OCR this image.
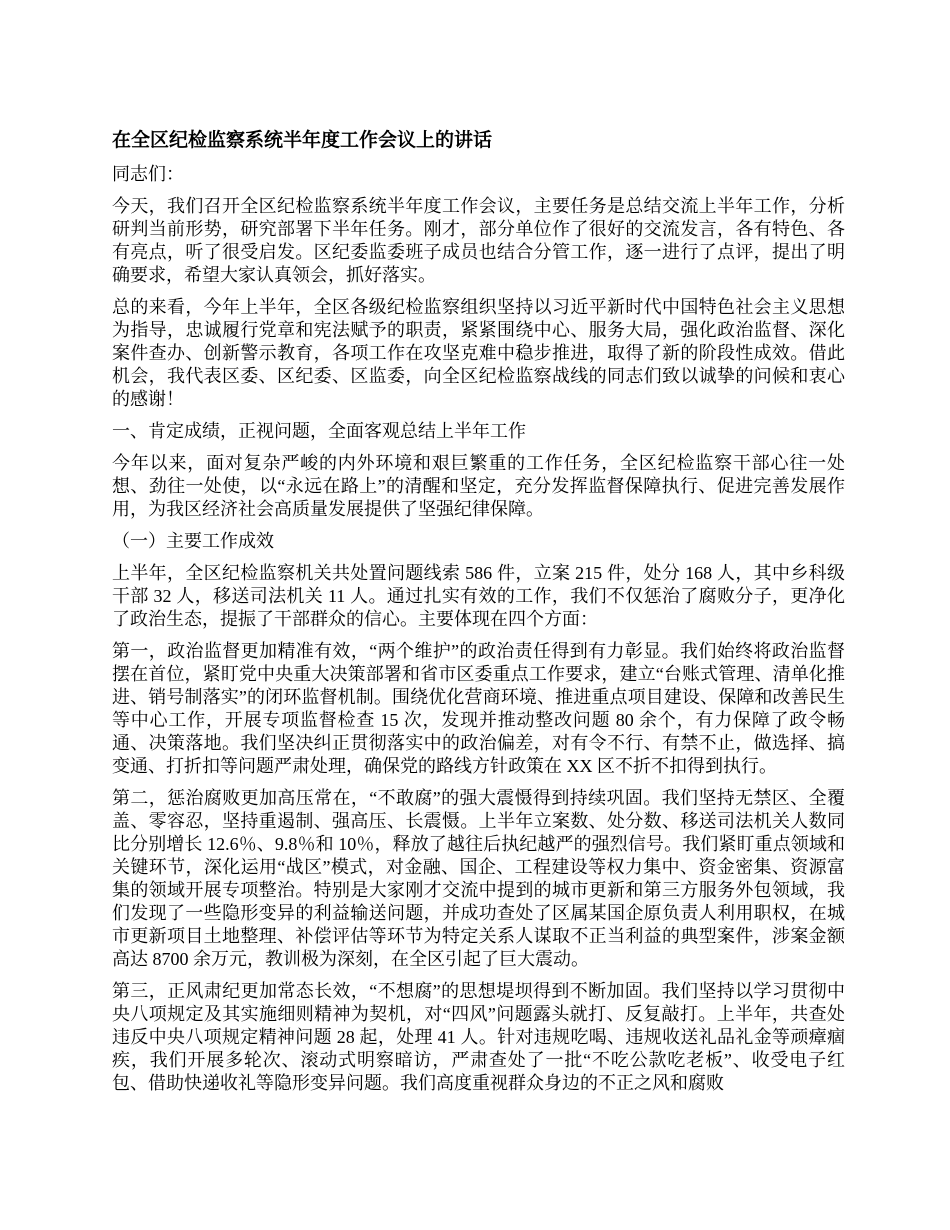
在全区纪检监察系统半年度工作会议上的讲话

同志们：

今天，我们召开全区纪检监察系统半年度工作会议，主要任务是总结交流上半年工作，分析研判当前形势，研究部署下半年任务。刚才，部分单位作了很好的交流发言，各有特色、各有亮点，听了很受启发。区纪委监委班子成员也结合分管工作，逐一进行了点评，提出了明确要求，希望大家认真领会，抓好落实。

总的来看，今年上半年，全区各级纪检监察组织坚持以习近平新时代中国特色社会主义思想为指导，忠诚履行党章和宪法赋予的职责，紧紧围绕中心、服务大局，强化政治监督、深化案件查办、创新警示教育，各项工作在攻坚克难中稳步推进，取得了新的阶段性成效。借此机会，我代表区委、区纪委、区监委，向全区纪检监察战线的同志们致以诚挚的问候和衷心的感谢！

一、肯定成绩，正视问题，全面客观总结上半年工作

今年以来，面对复杂严峻的内外环境和艰巨繁重的工作任务，全区纪检监察干部心往一处想、劲往一处使，以“永远在路上”的清醒和坚定，充分发挥监督保障执行、促进完善发展作用，为我区经济社会高质量发展提供了坚强纪律保障。

（一）主要工作成效

上半年，全区纪检监察机关共处置问题线索 586 件，立案 215 件，处分 168 人，其中乡科级干部 32 人，移送司法机关 11 人。通过扎实有效的工作，我们不仅惩治了腐败分子，更净化了政治生态，提振了干部群众的信心。主要体现在四个方面：

第一，政治监督更加精准有效，“两个维护”的政治责任得到有力彰显。我们始终将政治监督摆在首位，紧盯党中央重大决策部署和省市区委重点工作要求，建立“台账式管理、清单化推进、销号制落实”的闭环监督机制。围绕优化营商环境、推进重点项目建设、保障和改善民生等中心工作，开展专项监督检查 15 次，发现并推动整改问题 80 余个，有力保障了政令畅通、决策落地。我们坚决纠正贯彻落实中的政治偏差，对有令不行、有禁不止，做选择、搞变通、打折扣等问题严肃处理，确保党的路线方针政策在 XX 区不折不扣得到执行。

第二，惩治腐败更加高压常在，“不敢腐”的强大震慑得到持续巩固。我们坚持无禁区、全覆盖、零容忍，坚持重遏制、强高压、长震慑。上半年立案数、处分数、移送司法机关人数同比分别增长 12.6％、9.8％和 10％，释放了越往后执纪越严的强烈信号。我们紧盯重点领域和关键环节，深化运用“战区”模式，对金融、国企、工程建设等权力集中、资金密集、资源富集的领域开展专项整治。特别是大家刚才交流中提到的城市更新和第三方服务外包领域，我们发现了一些隐形变异的利益输送问题，并成功查处了区属某国企原负责人利用职权，在城市更新项目土地整理、补偿评估等环节为特定关系人谋取不正当利益的典型案件，涉案金额高达 8700 余万元，教训极为深刻，在全区引起了巨大震动。

第三，正风肃纪更加常态长效，“不想腐”的思想堤坝得到不断加固。我们坚持以学习贯彻中央八项规定及其实施细则精神为契机，对“四风”问题露头就打、反复敲打。上半年，共查处违反中央八项规定精神问题 28 起，处理 41 人。针对违规吃喝、违规收送礼品礼金等顽瘴痼疾，我们开展多轮次、滚动式明察暗访，严肃查处了一批“不吃公款吃老板”、收受电子红包、借助快递收礼等隐形变异问题。我们高度重视群众身边的不正之风和腐败
